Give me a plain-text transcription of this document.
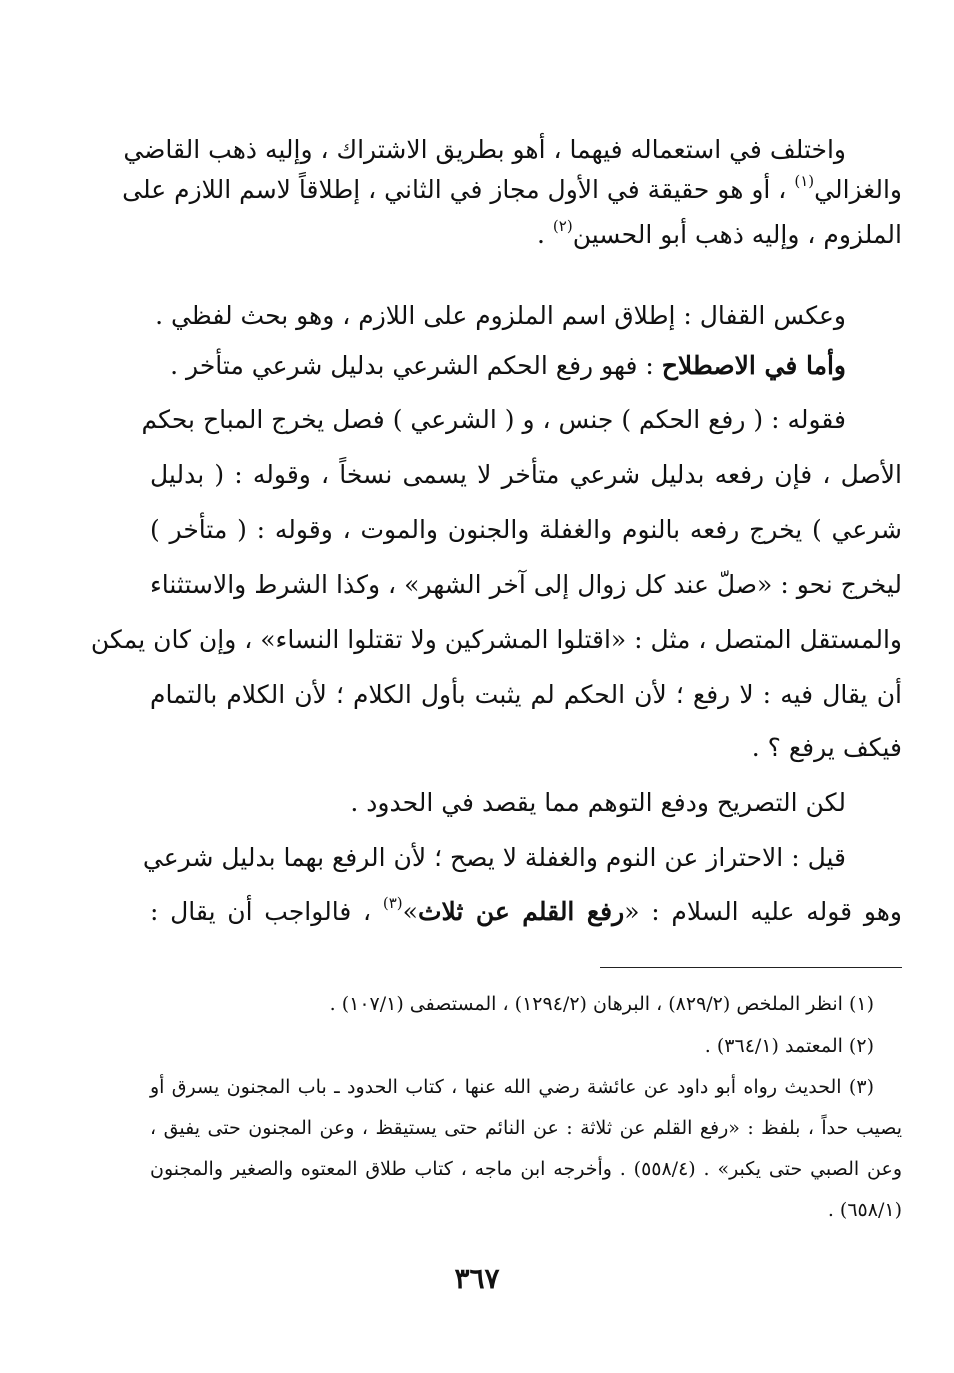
واختلف في استعماله فيهما ، أهو بطريق الاشتراك ، وإليه ذهب القاضي
والغزالي$^{(١)}$ ، أو هو حقيقة في الأول مجاز في الثاني ، إطلاقاً لاسم اللازم على
الملزوم ، وإليه ذهب أبو الحسين$^{(٢)}$ .
وعكس القفال : إطلاق اسم الملزوم على اللازم ، وهو بحث لفظي .
وأما في الاصطلاح : فهو رفع الحكم الشرعي بدليل شرعي متأخر .
فقوله : ( رفع الحكم ) جنس ، و ( الشرعي ) فصل يخرج المباح بحكم
الأصل ، فإن رفعه بدليل شرعي متأخر لا يسمى نسخاً ، وقوله : ( بدليل
شرعي ) يخرج رفعه بالنوم والغفلة والجنون والموت ، وقوله : ( متأخر )
ليخرج نحو : «صلّ عند كل زوال إلى آخر الشهر» ، وكذا الشرط والاستثناء
والمستقل المتصل ، مثل : «اقتلوا المشركين ولا تقتلوا النساء» ، وإن كان يمكن
أن يقال فيه : لا رفع ؛ لأن الحكم لم يثبت بأول الكلام ؛ لأن الكلام بالتمام
فيكف يرفع ؟ .
لكن التصريح ودفع التوهم مما يقصد في الحدود .
قيل : الاحتراز عن النوم والغفلة لا يصح ؛ لأن الرفع بهما بدليل شرعي
وهو قوله عليه السلام : «رفع القلم عن ثلاث»$^{(٣)}$ ، فالواجب أن يقال :
(١) انظر الملخص (٨٢٩/٢) ، البرهان (١٢٩٤/٢) ، المستصفى (١٠٧/١) .
(٢) المعتمد (٣٦٤/١) .
(٣) الحديث رواه أبو داود عن عائشة رضي الله عنها ، كتاب الحدود ـ باب المجنون يسرق أو
يصيب حداً ، بلفظ : «رفع القلم عن ثلاثة : عن النائم حتى يستيقظ ، وعن المجنون حتى يفيق ،
وعن الصبي حتى يكبر» . (٥٥٨/٤) . وأخرجه ابن ماجه ، كتاب طلاق المعتوه والصغير والمجنون
(٦٥٨/١) .
٣٦٧
